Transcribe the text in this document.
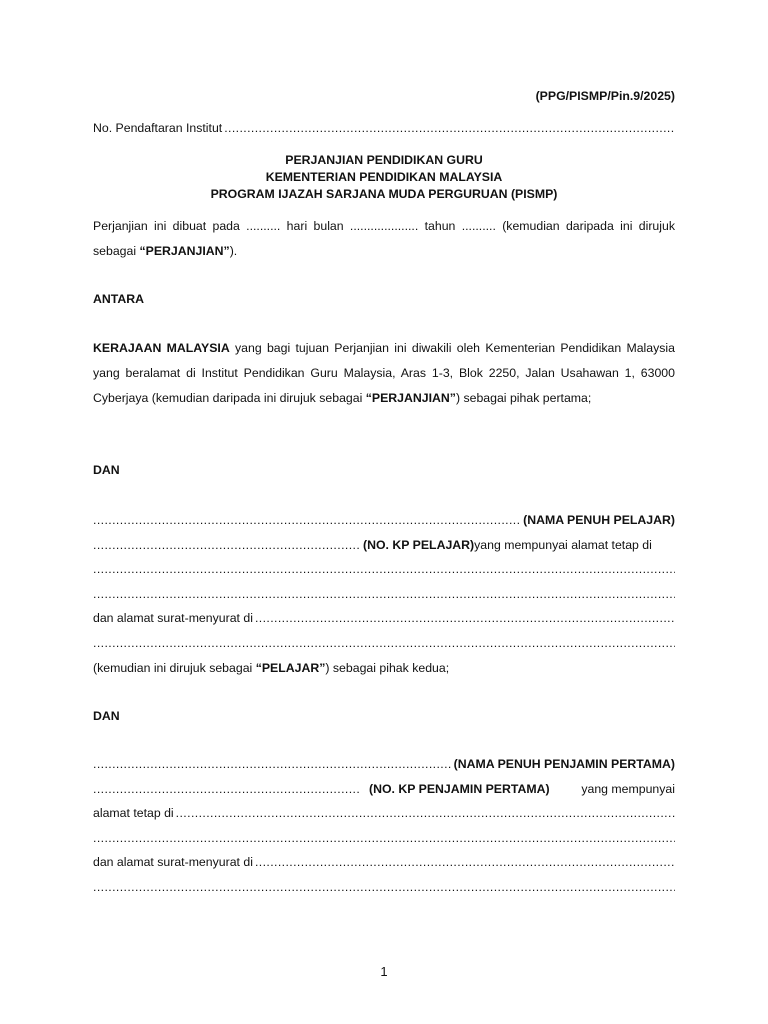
(PPG/PISMP/Pin.9/2025)
No. Pendaftaran Institut
.....
PERJANJIAN PENDIDIKAN GURU
KEMENTERIAN PENDIDIKAN MALAYSIA
PROGRAM IJAZAH SARJANA MUDA PERGURUAN (PISMP)
Perjanjian ini dibuat pada .......... hari bulan .................... tahun .......... (kemudian daripada ini dirujuk sebagai “PERJANJIAN”).
ANTARA
KERAJAAN MALAYSIA yang bagi tujuan Perjanjian ini diwakili oleh Kementerian Pendidikan Malaysia yang beralamat di Institut Pendidikan Guru Malaysia, Aras 1-3, Blok 2250, Jalan Usahawan 1, 63000 Cyberjaya (kemudian daripada ini dirujuk sebagai “PERJANJIAN”) sebagai pihak pertama;
DAN
.....
(NAMA PENUH PELAJAR)
.....
(NO. KP PELAJAR) yang mempunyai alamat tetap di
.....
.....
dan alamat surat-menyurat di
.....
.....
(kemudian ini dirujuk sebagai “PELAJAR”) sebagai pihak kedua;
DAN
.....
(NAMA PENUH PENJAMIN PERTAMA)
.....
(NO. KP PENJAMIN PERTAMA)	yang mempunyai
alamat tetap di
.....
.....
dan alamat surat-menyurat di
.....
.....
1
